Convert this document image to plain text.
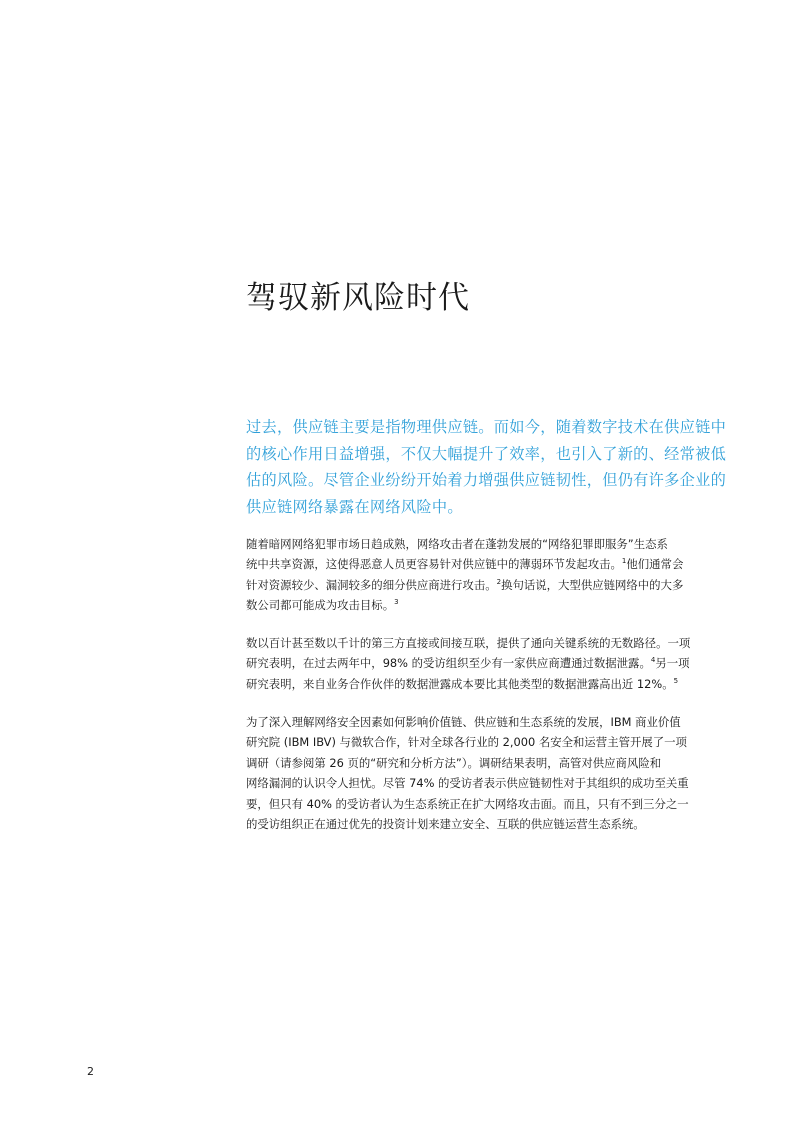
驾驭新风险时代
过去，供应链主要是指物理供应链。而如今，随着数字技术在供应链中
的核心作用日益增强，不仅大幅提升了效率，也引入了新的、经常被低
估的风险。尽管企业纷纷开始着力增强供应链韧性，但仍有许多企业的
供应链网络暴露在网络风险中。
随着暗网网络犯罪市场日趋成熟，网络攻击者在蓬勃发展的“网络犯罪即服务”生态系
统中共享资源，这使得恶意人员更容易针对供应链中的薄弱环节发起攻击。$^1$他们通常会
针对资源较少、漏洞较多的细分供应商进行攻击。$^2$换句话说，大型供应链网络中的大多
数公司都可能成为攻击目标。$^3$
数以百计甚至数以千计的第三方直接或间接互联，提供了通向关键系统的无数路径。一项
研究表明，在过去两年中，98% 的受访组织至少有一家供应商遭通过数据泄露。$^4$另一项
研究表明，来自业务合作伙伴的数据泄露成本要比其他类型的数据泄露高出近 12%。$^5$
为了深入理解网络安全因素如何影响价值链、供应链和生态系统的发展，IBM 商业价值
研究院 (IBM IBV) 与微软合作，针对全球各行业的 2,000 名安全和运营主管开展了一项
调研（请参阅第 26 页的“研究和分析方法”）。调研结果表明，高管对供应商风险和
网络漏洞的认识令人担忧。尽管 74% 的受访者表示供应链韧性对于其组织的成功至关重
要，但只有 40% 的受访者认为生态系统正在扩大网络攻击面。而且，只有不到三分之一
的受访组织正在通过优先的投资计划来建立安全、互联的供应链运营生态系统。
2
